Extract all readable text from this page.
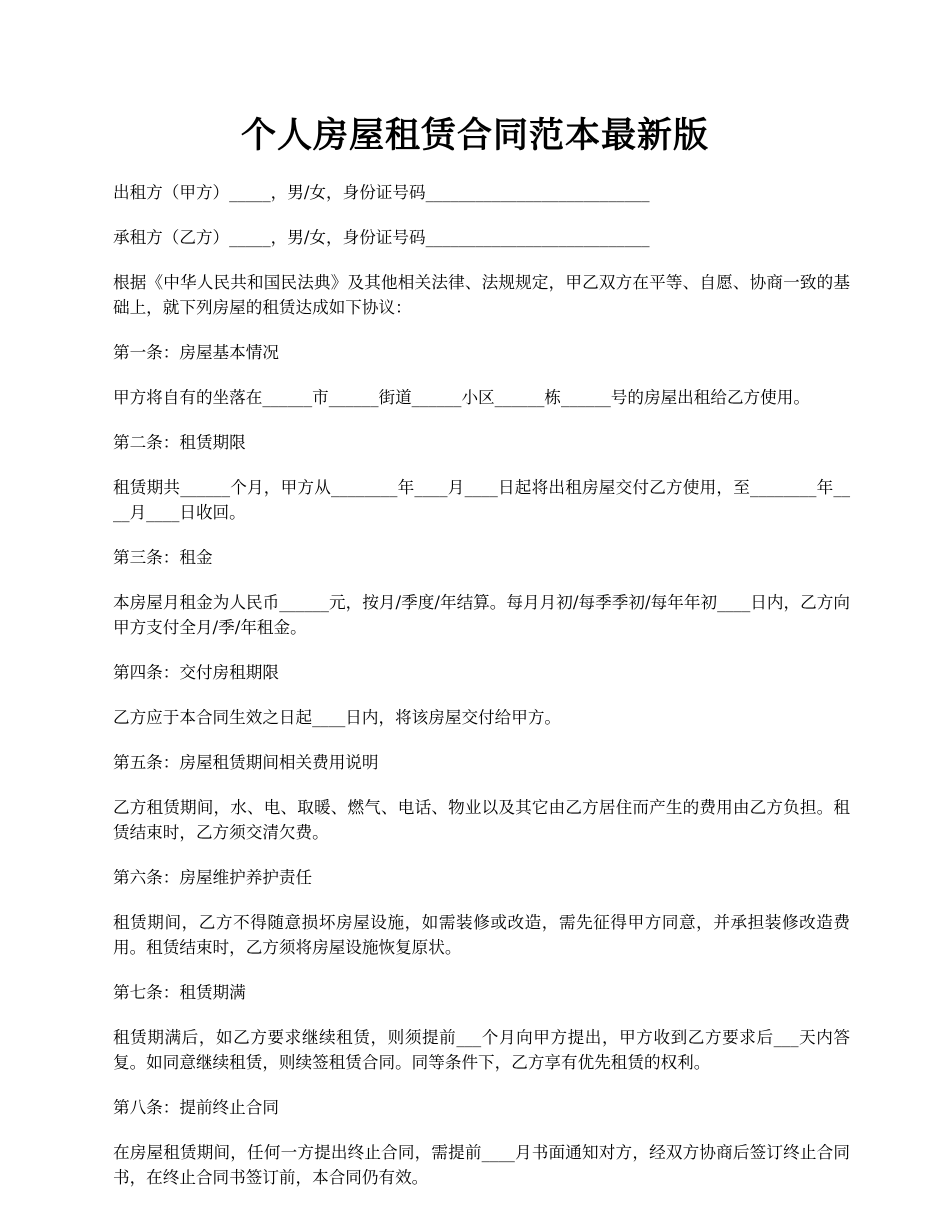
个人房屋租赁合同范本最新版

出租方（甲方）_____，男/女，身份证号码___________________________

承租方（乙方）_____，男/女，身份证号码___________________________

根据《中华人民共和国民法典》及其他相关法律、法规规定，甲乙双方在平等、自愿、协商一致的基础上，就下列房屋的租赁达成如下协议：

第一条：房屋基本情况

甲方将自有的坐落在______市______街道______小区______栋______号的房屋出租给乙方使用。

第二条：租赁期限

租赁期共______个月，甲方从________年____月____日起将出租房屋交付乙方使用，至________年____月____日收回。

第三条：租金

本房屋月租金为人民币______元，按月/季度/年结算。每月月初/每季季初/每年年初____日内，乙方向甲方支付全月/季/年租金。

第四条：交付房租期限

乙方应于本合同生效之日起____日内，将该房屋交付给甲方。

第五条：房屋租赁期间相关费用说明

乙方租赁期间，水、电、取暖、燃气、电话、物业以及其它由乙方居住而产生的费用由乙方负担。租赁结束时，乙方须交清欠费。

第六条：房屋维护养护责任

租赁期间，乙方不得随意损坏房屋设施，如需装修或改造，需先征得甲方同意，并承担装修改造费用。租赁结束时，乙方须将房屋设施恢复原状。

第七条：租赁期满

租赁期满后，如乙方要求继续租赁，则须提前___个月向甲方提出，甲方收到乙方要求后___天内答复。如同意继续租赁，则续签租赁合同。同等条件下，乙方享有优先租赁的权利。

第八条：提前终止合同

在房屋租赁期间，任何一方提出终止合同，需提前____月书面通知对方，经双方协商后签订终止合同书，在终止合同书签订前，本合同仍有效。
